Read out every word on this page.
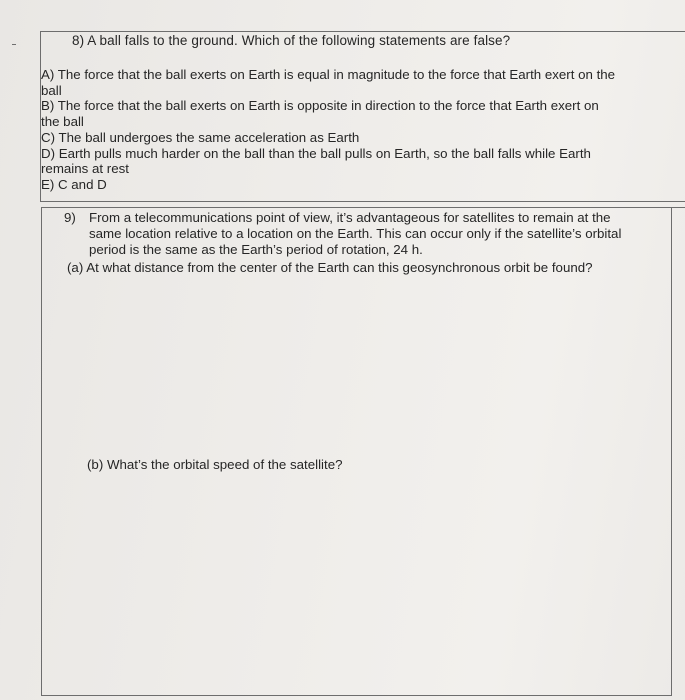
8) A ball falls to the ground. Which of the following statements are false?
A) The force that the ball exerts on Earth is equal in magnitude to the force that Earth exert on the
ball
B) The force that the ball exerts on Earth is opposite in direction to the force that Earth exert on
the ball
C) The ball undergoes the same acceleration as Earth
D) Earth pulls much harder on the ball than the ball pulls on Earth, so the ball falls while Earth
remains at rest
E) C and D
9) From a telecommunications point of view, it’s advantageous for satellites to remain at the
same location relative to a location on the Earth. This can occur only if the satellite’s orbital
period is the same as the Earth’s period of rotation, 24 h.
(a) At what distance from the center of the Earth can this geosynchronous orbit be found?
(b) What’s the orbital speed of the satellite?
